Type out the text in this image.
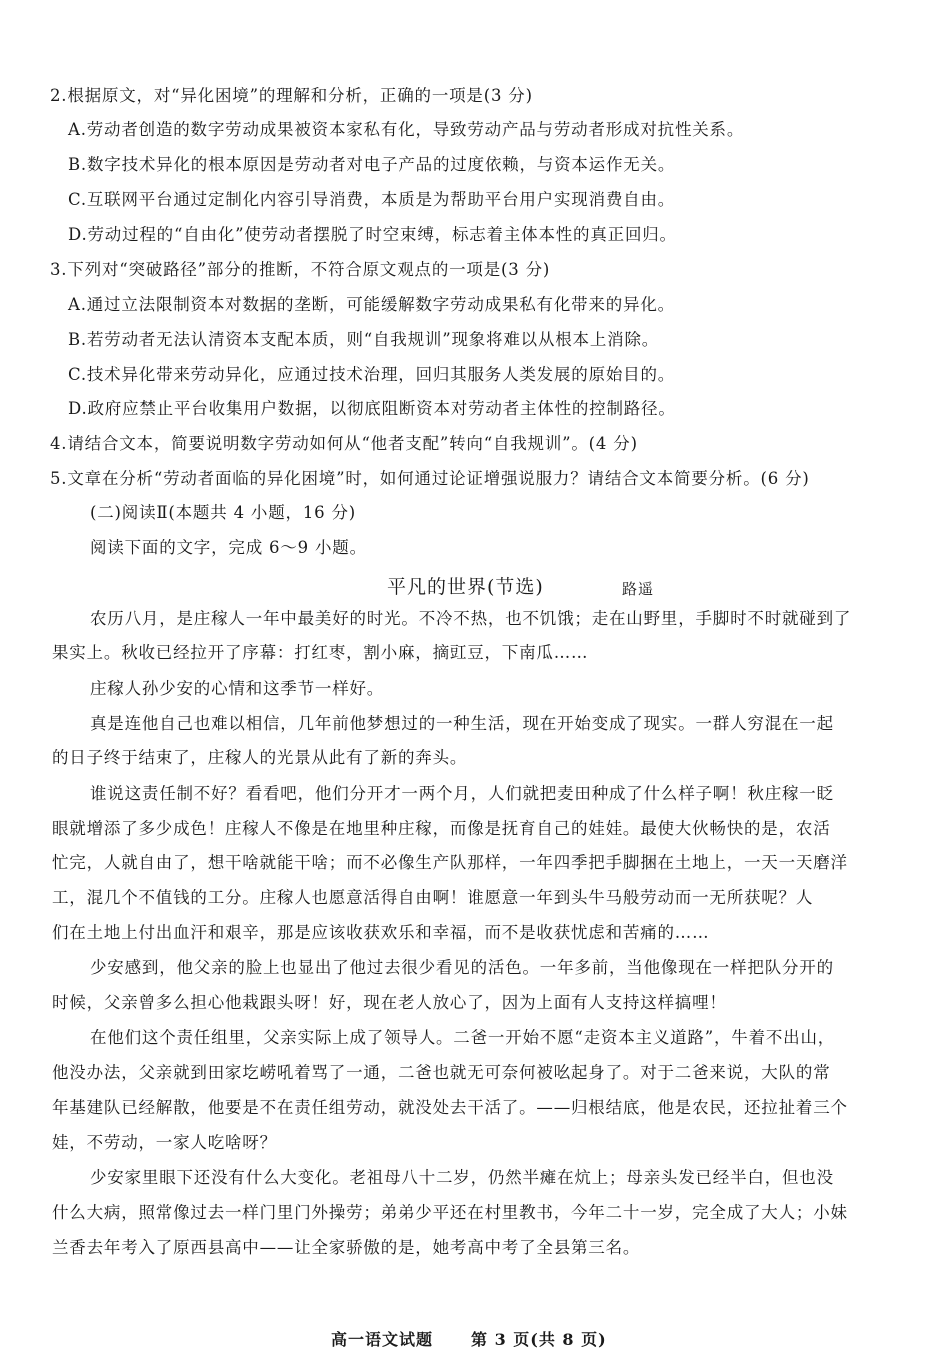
2.根据原文，对“异化困境”的理解和分析，正确的一项是(3 分)
A.劳动者创造的数字劳动成果被资本家私有化，导致劳动产品与劳动者形成对抗性关系。
B.数字技术异化的根本原因是劳动者对电子产品的过度依赖，与资本运作无关。
C.互联网平台通过定制化内容引导消费，本质是为帮助平台用户实现消费自由。
D.劳动过程的“自由化”使劳动者摆脱了时空束缚，标志着主体本性的真正回归。
3.下列对“突破路径”部分的推断，不符合原文观点的一项是(3 分)
A.通过立法限制资本对数据的垄断，可能缓解数字劳动成果私有化带来的异化。
B.若劳动者无法认清资本支配本质，则“自我规训”现象将难以从根本上消除。
C.技术异化带来劳动异化，应通过技术治理，回归其服务人类发展的原始目的。
D.政府应禁止平台收集用户数据，以彻底阻断资本对劳动者主体性的控制路径。
4.请结合文本，简要说明数字劳动如何从“他者支配”转向“自我规训”。(4 分)
5.文章在分析“劳动者面临的异化困境”时，如何通过论证增强说服力？请结合文本简要分析。(6 分)
(二)阅读Ⅱ(本题共 4 小题，16 分)
阅读下面的文字，完成 6～9 小题。
平凡的世界(节选)	路遥
农历八月，是庄稼人一年中最美好的时光。不冷不热，也不饥饿；走在山野里，手脚时不时就碰到了
果实上。秋收已经拉开了序幕：打红枣，割小麻，摘豇豆，下南瓜……
庄稼人孙少安的心情和这季节一样好。
真是连他自己也难以相信，几年前他梦想过的一种生活，现在开始变成了现实。一群人穷混在一起
的日子终于结束了，庄稼人的光景从此有了新的奔头。
谁说这责任制不好？看看吧，他们分开才一两个月，人们就把麦田种成了什么样子啊！秋庄稼一眨
眼就增添了多少成色！庄稼人不像是在地里种庄稼，而像是抚育自己的娃娃。最使大伙畅快的是，农活
忙完，人就自由了，想干啥就能干啥；而不必像生产队那样，一年四季把手脚捆在土地上，一天一天磨洋
工，混几个不值钱的工分。庄稼人也愿意活得自由啊！谁愿意一年到头牛马般劳动而一无所获呢？人
们在土地上付出血汗和艰辛，那是应该收获欢乐和幸福，而不是收获忧虑和苦痛的……
少安感到，他父亲的脸上也显出了他过去很少看见的活色。一年多前，当他像现在一样把队分开的
时候，父亲曾多么担心他栽跟头呀！好，现在老人放心了，因为上面有人支持这样搞哩！
在他们这个责任组里，父亲实际上成了领导人。二爸一开始不愿“走资本主义道路”，牛着不出山，
他没办法，父亲就到田家圪崂吼着骂了一通，二爸也就无可奈何被吆起身了。对于二爸来说，大队的常
年基建队已经解散，他要是不在责任组劳动，就没处去干活了。——归根结底，他是农民，还拉扯着三个
娃，不劳动，一家人吃啥呀？
少安家里眼下还没有什么大变化。老祖母八十二岁，仍然半瘫在炕上；母亲头发已经半白，但也没
什么大病，照常像过去一样门里门外操劳；弟弟少平还在村里教书，今年二十一岁，完全成了大人；小妹
兰香去年考入了原西县高中——让全家骄傲的是，她考高中考了全县第三名。
高一语文试题 第 3 页(共 8 页)
